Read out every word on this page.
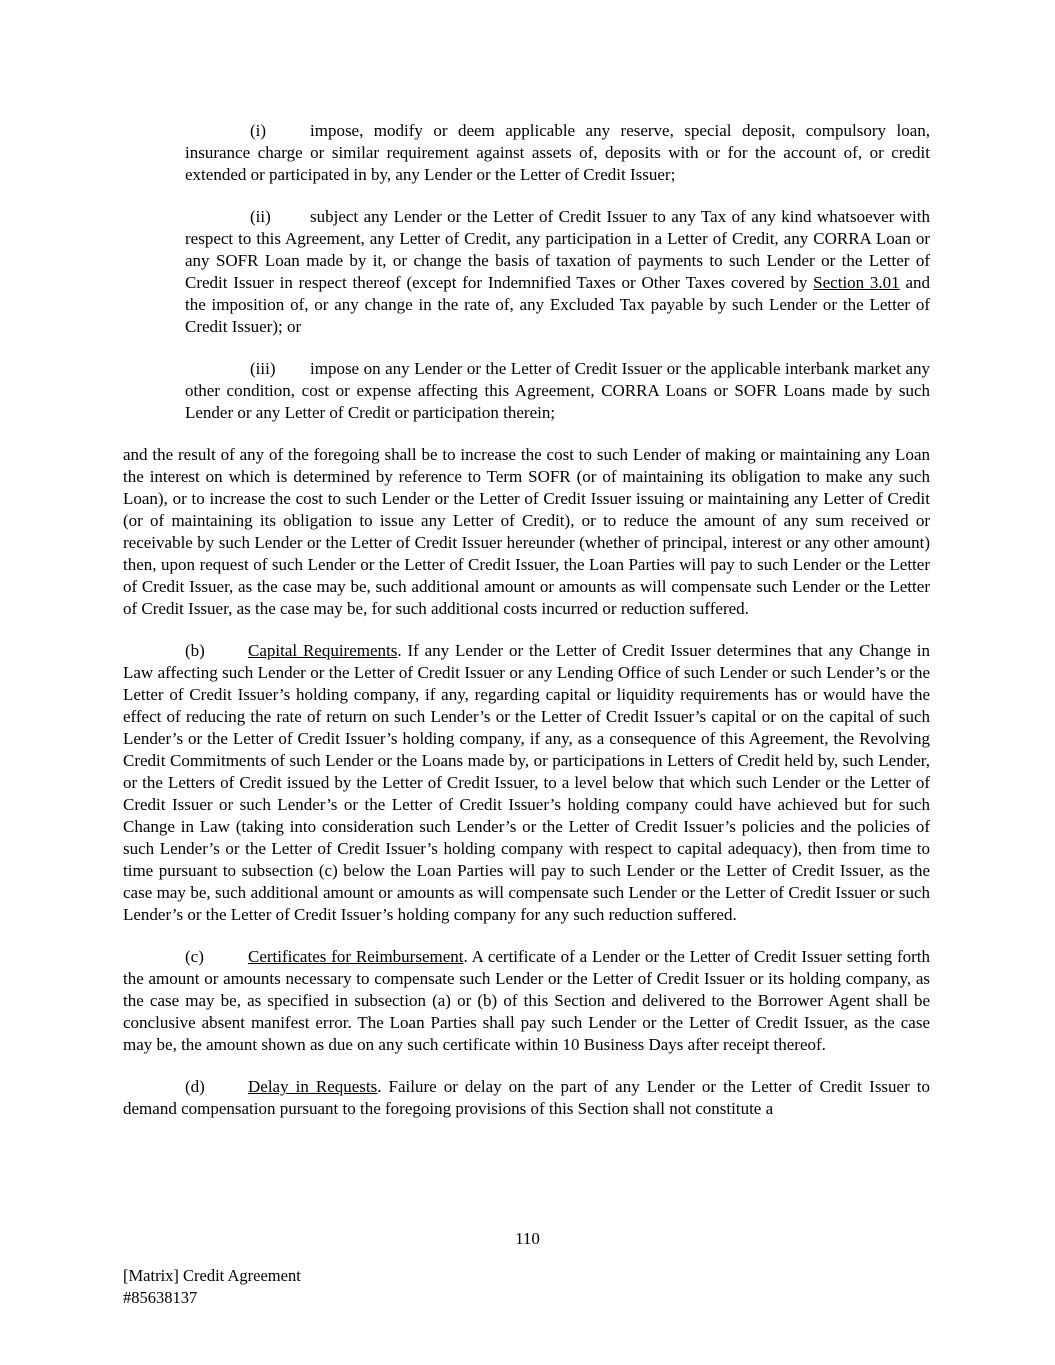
(i)	impose, modify or deem applicable any reserve, special deposit, compulsory loan, insurance charge or similar requirement against assets of, deposits with or for the account of, or credit extended or participated in by, any Lender or the Letter of Credit Issuer;

(ii) subject any Lender or the Letter of Credit Issuer to any Tax of any kind whatsoever with respect to this Agreement, any Letter of Credit, any participation in a Letter of Credit, any CORRA Loan or any SOFR Loan made by it, or change the basis of taxation of payments to such Lender or the Letter of Credit Issuer in respect thereof (except for Indemnified Taxes or Other Taxes covered by Section 3.01 and the imposition of, or any change in the rate of, any Excluded Tax payable by such Lender or the Letter of Credit Issuer); or

(iii) impose on any Lender or the Letter of Credit Issuer or the applicable interbank market any other condition, cost or expense affecting this Agreement, CORRA Loans or SOFR Loans made by such Lender or any Letter of Credit or participation therein;

and the result of any of the foregoing shall be to increase the cost to such Lender of making or maintaining any Loan the interest on which is determined by reference to Term SOFR (or of maintaining its obligation to make any such Loan), or to increase the cost to such Lender or the Letter of Credit Issuer issuing or maintaining any Letter of Credit (or of maintaining its obligation to issue any Letter of Credit), or to reduce the amount of any sum received or receivable by such Lender or the Letter of Credit Issuer hereunder (whether of principal, interest or any other amount) then, upon request of such Lender or the Letter of Credit Issuer, the Loan Parties will pay to such Lender or the Letter of Credit Issuer, as the case may be, such additional amount or amounts as will compensate such Lender or the Letter of Credit Issuer, as the case may be, for such additional costs incurred or reduction suffered.

(b)	Capital Requirements. If any Lender or the Letter of Credit Issuer determines that any Change in Law affecting such Lender or the Letter of Credit Issuer or any Lending Office of such Lender or such Lender’s or the Letter of Credit Issuer’s holding company, if any, regarding capital or liquidity requirements has or would have the effect of reducing the rate of return on such Lender’s or the Letter of Credit Issuer’s capital or on the capital of such Lender’s or the Letter of Credit Issuer’s holding company, if any, as a consequence of this Agreement, the Revolving Credit Commitments of such Lender or the Loans made by, or participations in Letters of Credit held by, such Lender, or the Letters of Credit issued by the Letter of Credit Issuer, to a level below that which such Lender or the Letter of Credit Issuer or such Lender’s or the Letter of Credit Issuer’s holding company could have achieved but for such Change in Law (taking into consideration such Lender’s or the Letter of Credit Issuer’s policies and the policies of such Lender’s or the Letter of Credit Issuer’s holding company with respect to capital adequacy), then from time to time pursuant to subsection (c) below the Loan Parties will pay to such Lender or the Letter of Credit Issuer, as the case may be, such additional amount or amounts as will compensate such Lender or the Letter of Credit Issuer or such Lender’s or the Letter of Credit Issuer’s holding company for any such reduction suffered.

(c)	Certificates for Reimbursement. A certificate of a Lender or the Letter of Credit Issuer setting forth the amount or amounts necessary to compensate such Lender or the Letter of Credit Issuer or its holding company, as the case may be, as specified in subsection (a) or (b) of this Section and delivered to the Borrower Agent shall be conclusive absent manifest error. The Loan Parties shall pay such Lender or the Letter of Credit Issuer, as the case may be, the amount shown as due on any such certificate within 10 Business Days after receipt thereof.

(d)	Delay in Requests. Failure or delay on the part of any Lender or the Letter of Credit Issuer to demand compensation pursuant to the foregoing provisions of this Section shall not constitute a

110
[Matrix] Credit Agreement
#85638137
